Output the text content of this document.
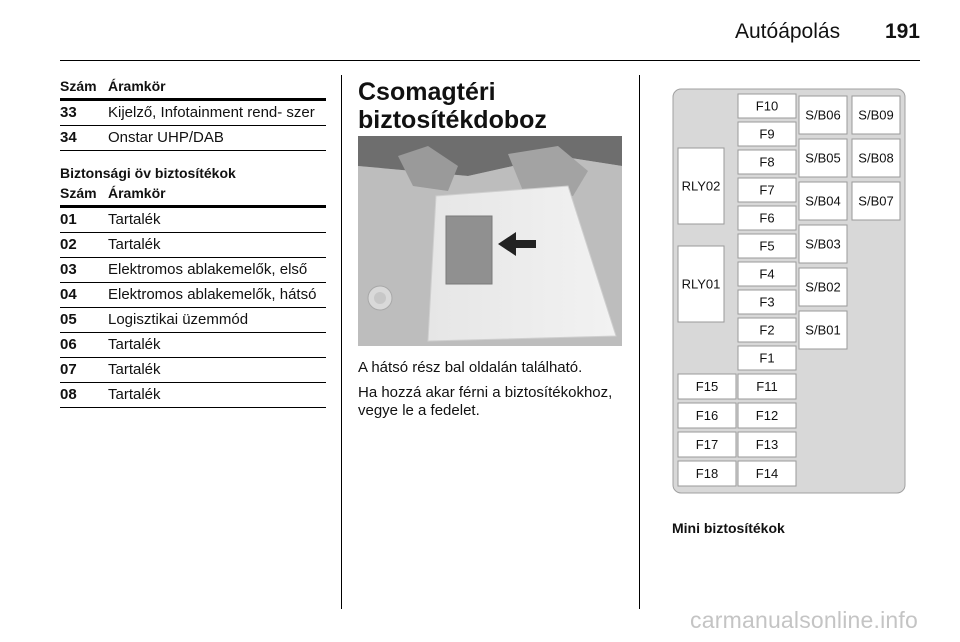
Autóápolás 191
Szám Áramkör
33	Kijelző, Infotainment rend- szer
34	Onstar UHP/DAB
Biztonsági öv biztosítékok
Szám Áramkör
01	Tartalék
02	Tartalék
03	Elektromos ablakemelők, első
04	Elektromos ablakemelők, hátsó
05	Logisztikai üzemmód
06	Tartalék
07	Tartalék
08	Tartalék
Csomagtéri
biztosítékdoboz

A hátsó rész bal oldalán található.

Ha hozzá akar férni a biztosítékokhoz, vegye le a fedelet.

RLY02
RLY01
F10
F9
F8
F7
F6
F5
F4
F3
F2
F1
F15
F16
F17
F18
F11
F12
F13
F14
S/B06
S/B05
S/B04
S/B03
S/B02
S/B01
S/B09
S/B08
S/B07
Mini biztosítékok
carmanualsonline.info
